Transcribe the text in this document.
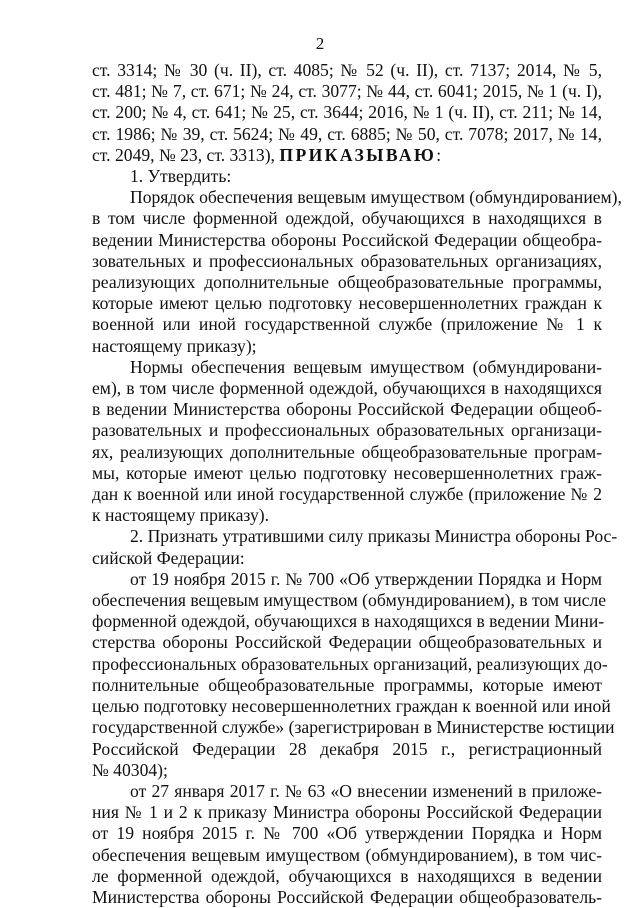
2

ст. 3314; № 30 (ч. II), ст. 4085; № 52 (ч. II), ст. 7137; 2014, № 5,
ст. 481; № 7, ст. 671; № 24, ст. 3077; № 44, ст. 6041; 2015, № 1 (ч. I),
ст. 200; № 4, ст. 641; № 25, ст. 3644; 2016, № 1 (ч. II), ст. 211; № 14,
ст. 1986; № 39, ст. 5624; № 49, ст. 6885; № 50, ст. 7078; 2017, № 14,
ст. 2049, № 23, ст. 3313), ПРИКАЗЫВАЮ:

1. Утвердить:

Порядок обеспечения вещевым имуществом (обмундированием),
в том числе форменной одеждой, обучающихся в находящихся в
ведении Министерства обороны Российской Федерации общеобра-
зовательных и профессиональных образовательных организациях,
реализующих дополнительные общеобразовательные программы,
которые имеют целью подготовку несовершеннолетних граждан к
военной или иной государственной службе (приложение № 1 к
настоящему приказу);

Нормы обеспечения вещевым имуществом (обмундировани-
ем), в том числе форменной одеждой, обучающихся в находящихся
в ведении Министерства обороны Российской Федерации общеоб-
разовательных и профессиональных образовательных организаци-
ях, реализующих дополнительные общеобразовательные програм-
мы, которые имеют целью подготовку несовершеннолетних граж-
дан к военной или иной государственной службе (приложение № 2
к настоящему приказу).

2. Признать утратившими силу приказы Министра обороны Рос-
сийской Федерации:

от 19 ноября 2015 г. № 700 «Об утверждении Порядка и Норм
обеспечения вещевым имуществом (обмундированием), в том числе
форменной одеждой, обучающихся в находящихся в ведении Мини-
стерства обороны Российской Федерации общеобразовательных и
профессиональных образовательных организаций, реализующих до-
полнительные общеобразовательные программы, которые имеют
целью подготовку несовершеннолетних граждан к военной или иной
государственной службе» (зарегистрирован в Министерстве юстиции
Российской Федерации 28 декабря 2015 г., регистрационный
№ 40304);

от 27 января 2017 г. № 63 «О внесении изменений в приложе-
ния № 1 и 2 к приказу Министра обороны Российской Федерации
от 19 ноября 2015 г. № 700 «Об утверждении Порядка и Норм
обеспечения вещевым имуществом (обмундированием), в том чис-
ле форменной одеждой, обучающихся в находящихся в ведении
Министерства обороны Российской Федерации общеобразователь-
